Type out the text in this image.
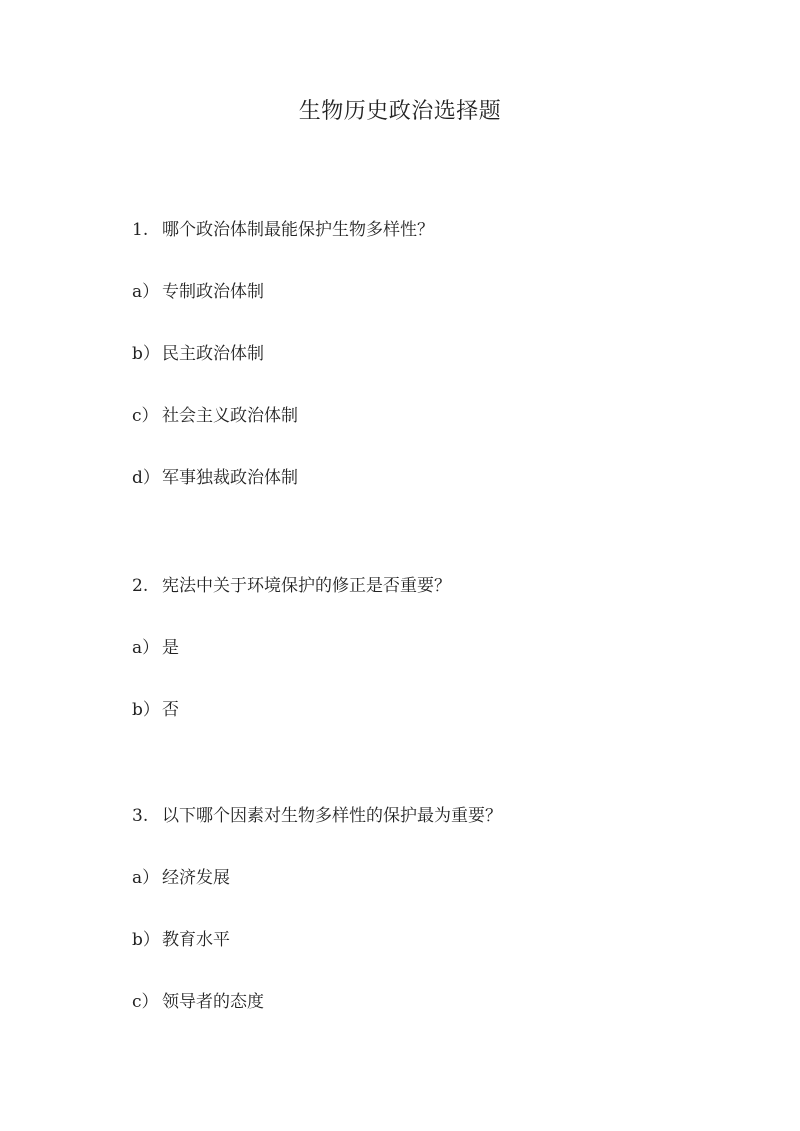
生物历史政治选择题

1. 哪个政治体制最能保护生物多样性？

a） 专制政治体制

b） 民主政治体制

c） 社会主义政治体制

d） 军事独裁政治体制

2. 宪法中关于环境保护的修正是否重要？

a） 是

b） 否

3. 以下哪个因素对生物多样性的保护最为重要？

a） 经济发展

b） 教育水平

c） 领导者的态度
